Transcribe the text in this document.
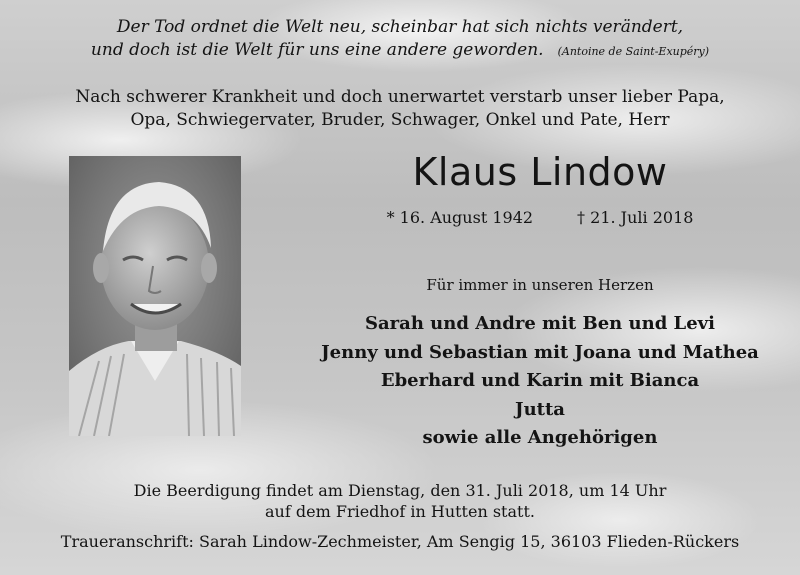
Der Tod ordnet die Welt neu, scheinbar hat sich nichts verändert,
und doch ist die Welt für uns eine andere geworden. (Antoine de Saint-Exupéry)
Nach schwerer Krankheit und doch unerwartet verstarb unser lieber Papa,
Opa, Schwiegervater, Bruder, Schwager, Onkel und Pate, Herr
Klaus Lindow
* 16. August 1942	† 21. Juli 2018
Für immer in unseren Herzen
Sarah und Andre mit Ben und Levi
Jenny und Sebastian mit Joana und Mathea
Eberhard und Karin mit Bianca
Jutta
sowie alle Angehörigen
Die Beerdigung findet am Dienstag, den 31. Juli 2018, um 14 Uhr
auf dem Friedhof in Hutten statt.
Traueranschrift: Sarah Lindow-Zechmeister, Am Sengig 15, 36103 Flieden-Rückers
